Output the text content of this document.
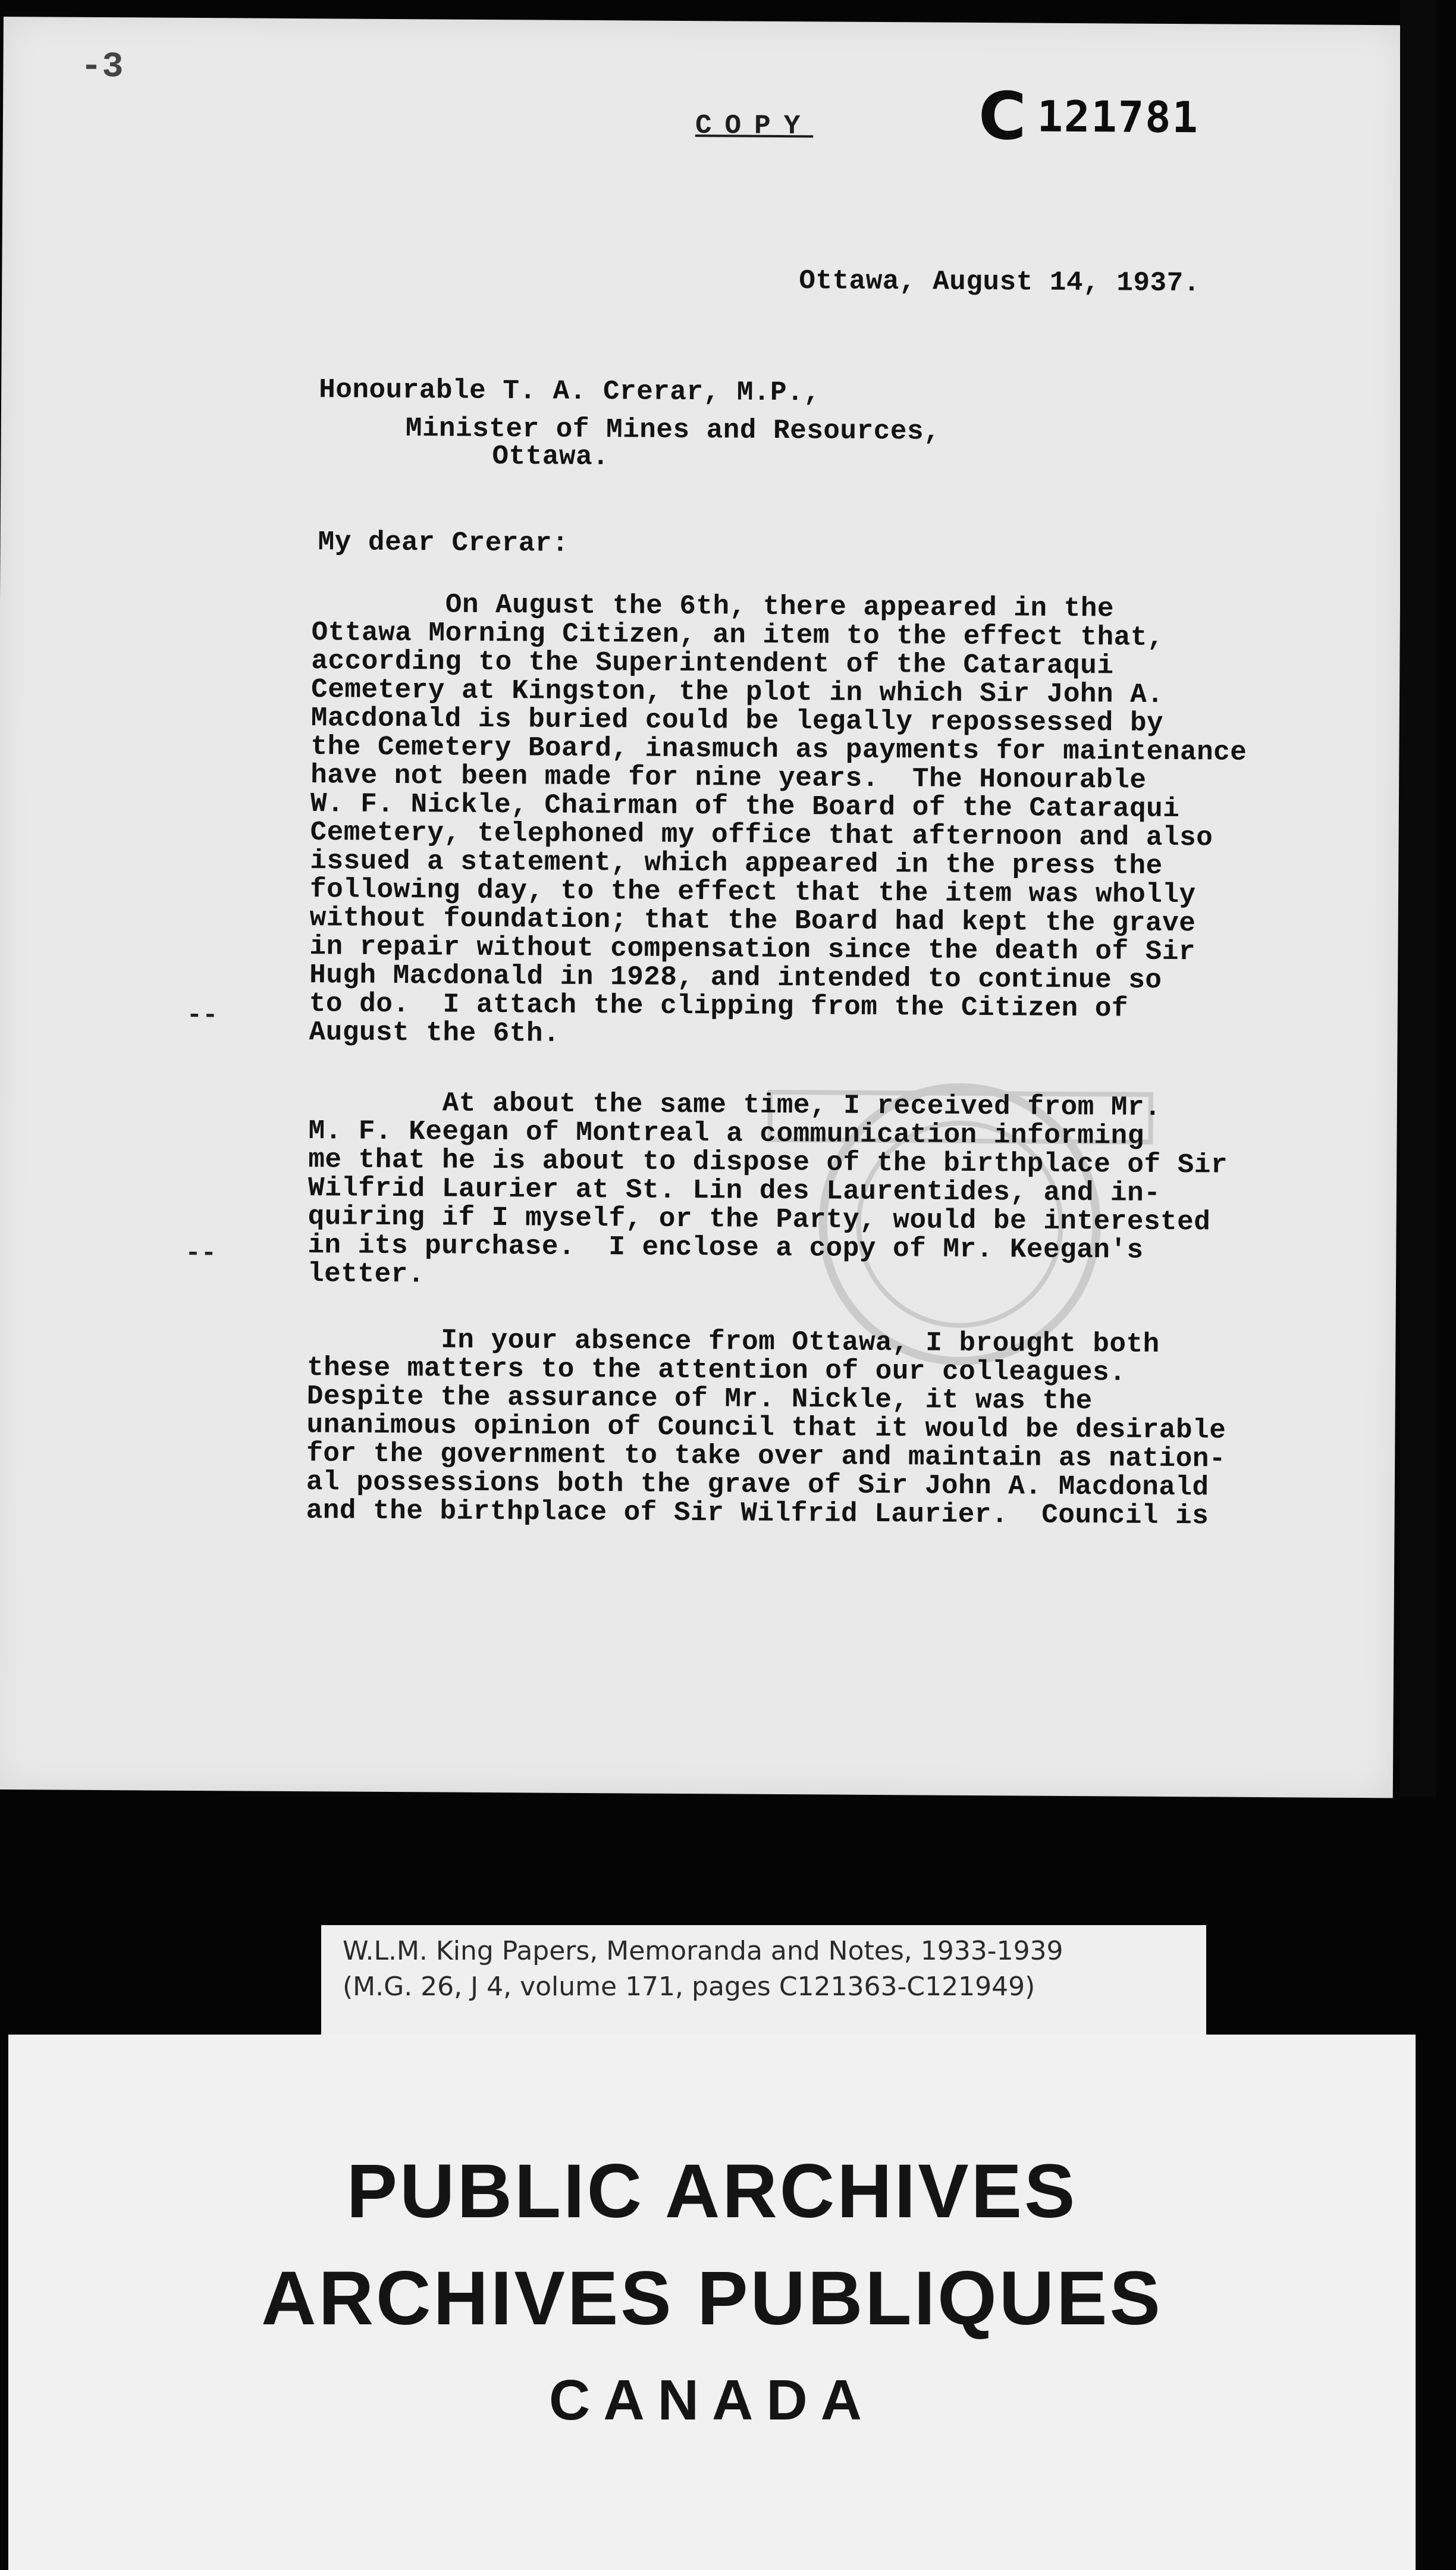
-3
COPY	C 121781
Ottawa, August 14, 1937.
Honourable T. A. Crerar, M.P.,
Minister of Mines and Resources,
Ottawa.
My dear Crerar:
On August the 6th, there appeared in the
Ottawa Morning Citizen, an item to the effect that,
according to the Superintendent of the Cataraqui
Cemetery at Kingston, the plot in which Sir John A.
Macdonald is buried could be legally repossessed by
the Cemetery Board, inasmuch as payments for maintenance
have not been made for nine years.  The Honourable
W. F. Nickle, Chairman of the Board of the Cataraqui
Cemetery, telephoned my office that afternoon and also
issued a statement, which appeared in the press the
following day, to the effect that the item was wholly
without foundation; that the Board had kept the grave
in repair without compensation since the death of Sir
Hugh Macdonald in 1928, and intended to continue so
to do.  I attach the clipping from the Citizen of
August the 6th.
--
At about the same time, I received from Mr.
M. F. Keegan of Montreal a communication informing
me that he is about to dispose of the birthplace of Sir
Wilfrid Laurier at St. Lin des Laurentides, and in-
quiring if I myself, or the Party, would be interested
in its purchase.  I enclose a copy of Mr. Keegan's
letter.
--
In your absence from Ottawa, I brought both
these matters to the attention of our colleagues.
Despite the assurance of Mr. Nickle, it was the
unanimous opinion of Council that it would be desirable
for the government to take over and maintain as nation-
al possessions both the grave of Sir John A. Macdonald
and the birthplace of Sir Wilfrid Laurier.  Council is
W.L.M. King Papers, Memoranda and Notes, 1933-1939
(M.G. 26, J 4, volume 171, pages C121363-C121949)
PUBLIC ARCHIVES
ARCHIVES PUBLIQUES
CANADA
